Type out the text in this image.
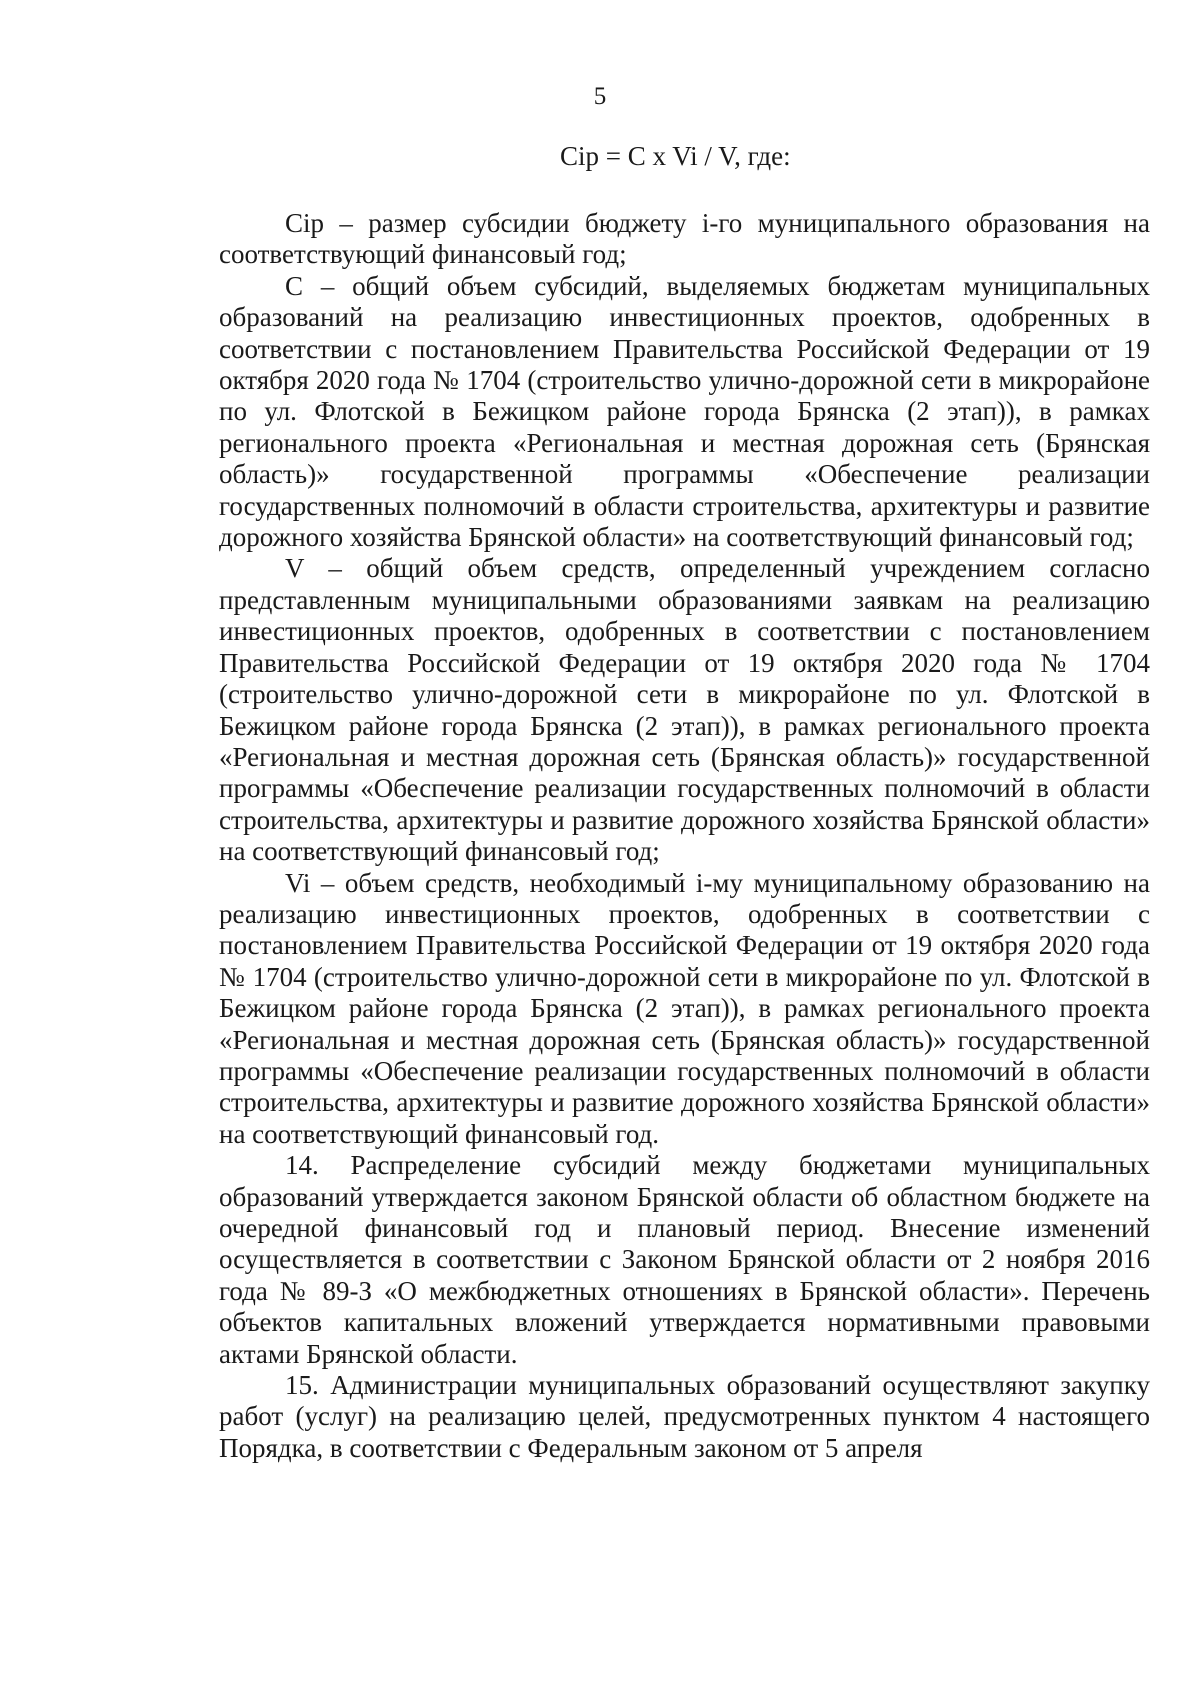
5
Сip = C x Vi / V, где:

Сip – размер субсидии бюджету i-го муниципального образования на соответствующий финансовый год;

С – общий объем субсидий, выделяемых бюджетам муниципальных образований на реализацию инвестиционных проектов, одобренных в соответствии с постановлением Правительства Российской Федерации от 19 октября 2020 года № 1704 (строительство улично-дорожной сети в микрорайоне по ул. Флотской в Бежицком районе города Брянска (2 этап)), в рамках регионального проекта «Региональная и местная дорожная сеть (Брянская область)» государственной программы «Обеспечение реализации государственных полномочий в области строительства, архитектуры и развитие дорожного хозяйства Брянской области» на соответствующий финансовый год;

V – общий объем средств, определенный учреждением согласно представленным муниципальными образованиями заявкам на реализацию инвестиционных проектов, одобренных в соответствии с постановлением Правительства Российской Федерации от 19 октября 2020 года № 1704 (строительство улично-дорожной сети в микрорайоне по ул. Флотской в Бежицком районе города Брянска (2 этап)), в рамках регионального проекта «Региональная и местная дорожная сеть (Брянская область)» государственной программы «Обеспечение реализации государственных полномочий в области строительства, архитектуры и развитие дорожного хозяйства Брянской области» на соответствующий финансовый год;

Vi – объем средств, необходимый i-му муниципальному образованию на реализацию инвестиционных проектов, одобренных в соответствии с постановлением Правительства Российской Федерации от 19 октября 2020 года № 1704 (строительство улично-дорожной сети в микрорайоне по ул. Флотской в Бежицком районе города Брянска (2 этап)), в рамках регионального проекта «Региональная и местная дорожная сеть (Брянская область)» государственной программы «Обеспечение реализации государственных полномочий в области строительства, архитектуры и развитие дорожного хозяйства Брянской области» на соответствующий финансовый год.

14. Распределение субсидий между бюджетами муниципальных образований утверждается законом Брянской области об областном бюджете на очередной финансовый год и плановый период. Внесение изменений осуществляется в соответствии с Законом Брянской области от 2 ноября 2016 года № 89-З «О межбюджетных отношениях в Брянской области». Перечень объектов капитальных вложений утверждается нормативными правовыми актами Брянской области.

15. Администрации муниципальных образований осуществляют закупку работ (услуг) на реализацию целей, предусмотренных пунктом 4 настоящего Порядка, в соответствии с Федеральным законом от 5 апреля
